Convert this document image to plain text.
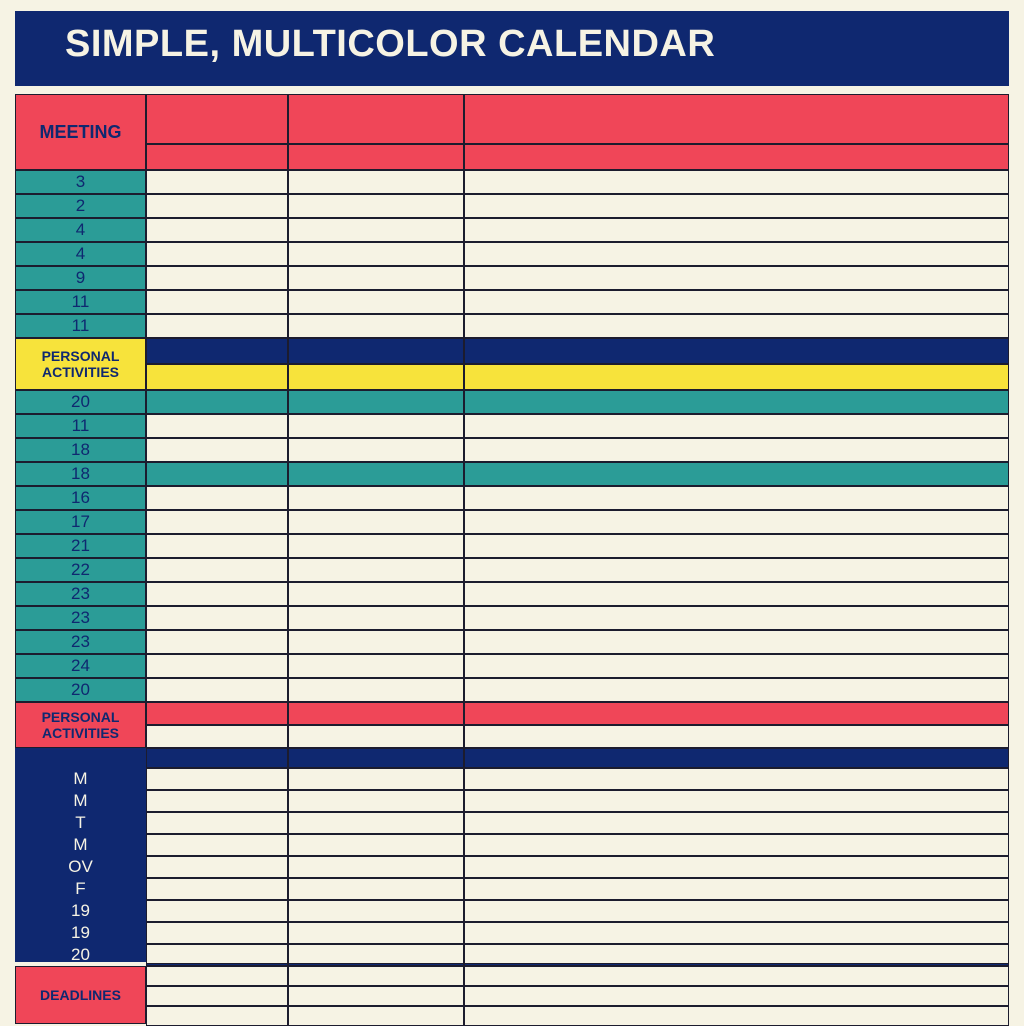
SIMPLE, MULTICOLOR CALENDAR
MEETING
3
2
4
4
9
11
11
PERSONAL
ACTIVITIES
20
11
18
18
16
17
21
22
23
23
23
24
20
PERSONAL
ACTIVITIES
M
M
T
M
OV
F
19
19
20
DEADLINES
